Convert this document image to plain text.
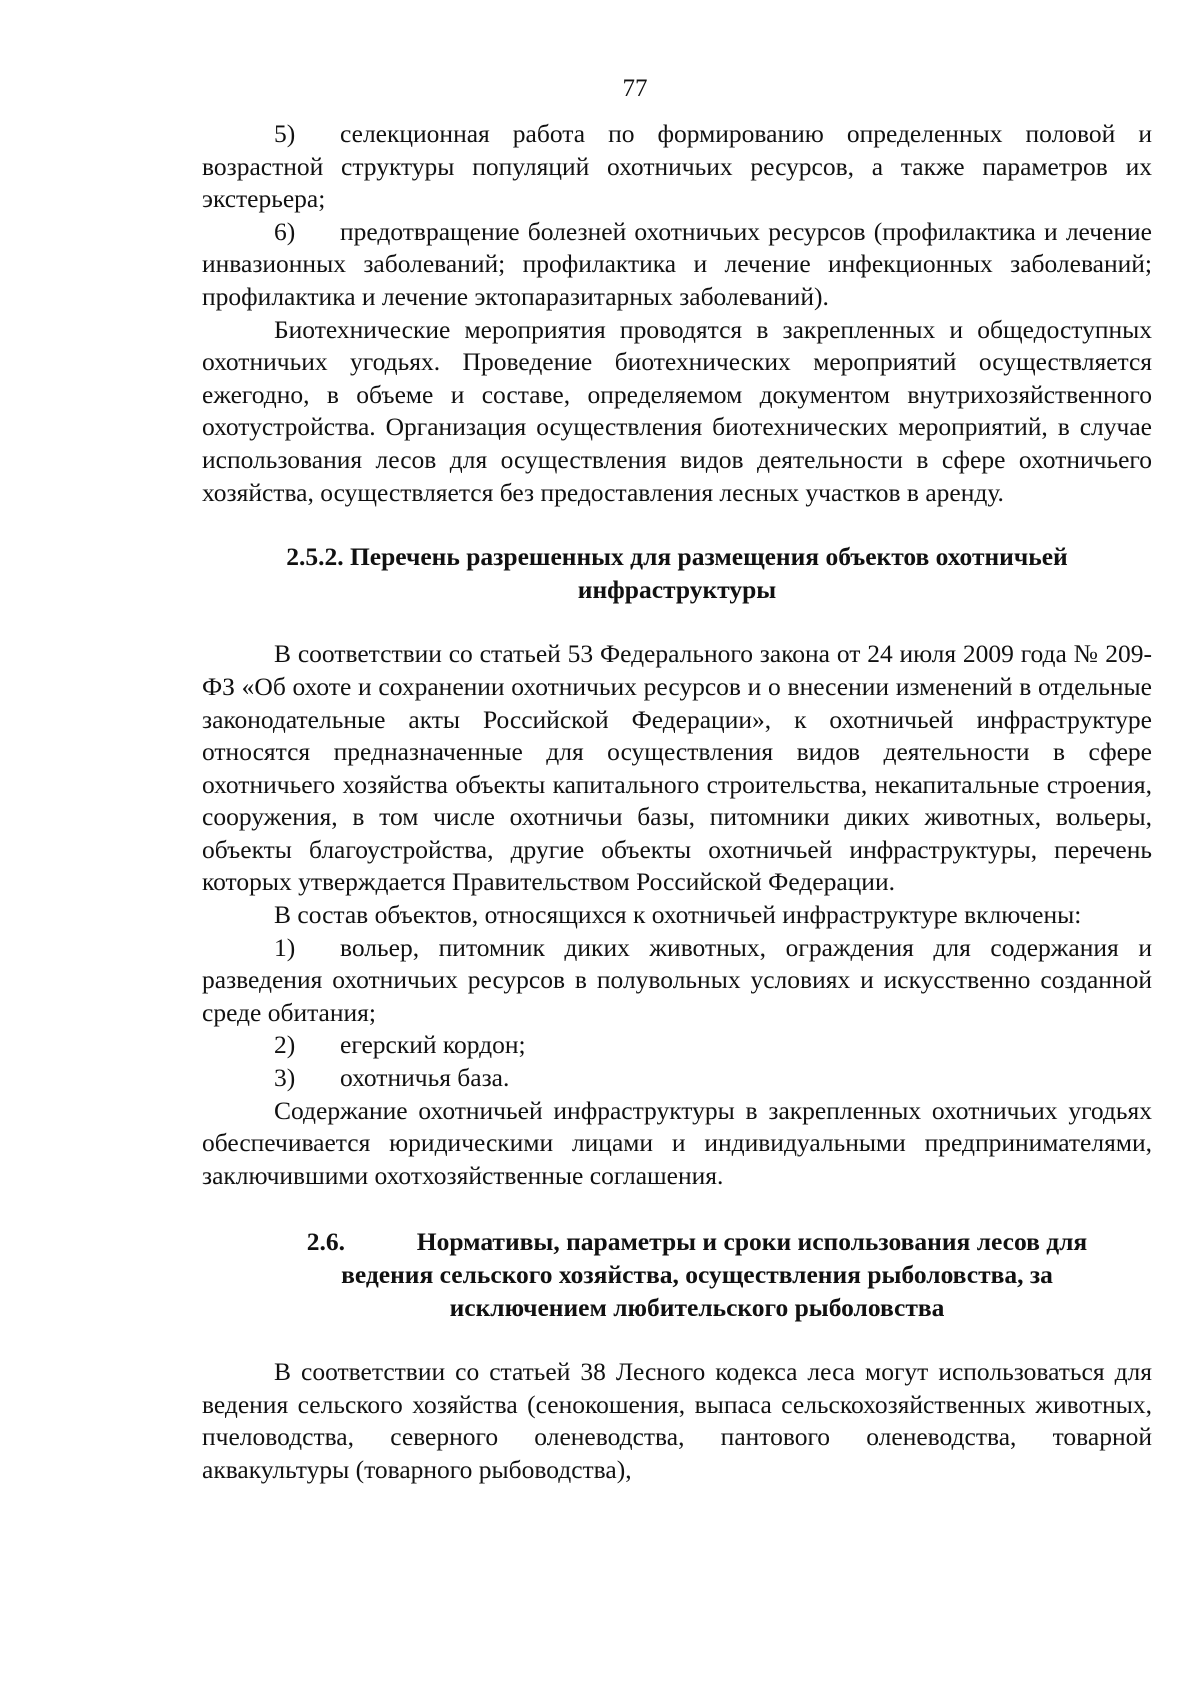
77

5) селекционная работа по формированию определенных половой и возрастной структуры популяций охотничьих ресурсов, а также параметров их экстерьера;

6) предотвращение болезней охотничьих ресурсов (профилактика и лечение инвазионных заболеваний; профилактика и лечение инфекционных заболеваний; профилактика и лечение эктопаразитарных заболеваний).

Биотехнические мероприятия проводятся в закрепленных и общедоступных охотничьих угодьях. Проведение биотехнических мероприятий осуществляется ежегодно, в объеме и составе, определяемом документом внутрихозяйственного охотустройства. Организация осуществления биотехнических мероприятий, в случае использования лесов для осуществления видов деятельности в сфере охотничьего хозяйства, осуществляется без предоставления лесных участков в аренду.

2.5.2. Перечень разрешенных для размещения объектов охотничьей
инфраструктуры

В соответствии со статьей 53 Федерального закона от 24 июля 2009 года № 209-ФЗ «Об охоте и сохранении охотничьих ресурсов и о внесении изменений в отдельные законодательные акты Российской Федерации», к охотничьей инфраструктуре относятся предназначенные для осуществления видов деятельности в сфере охотничьего хозяйства объекты капитального строительства, некапитальные строения, сооружения, в том числе охотничьи базы, питомники диких животных, вольеры, объекты благоустройства, другие объекты охотничьей инфраструктуры, перечень которых утверждается Правительством Российской Федерации.

В состав объектов, относящихся к охотничьей инфраструктуре включены:

1) вольер, питомник диких животных, ограждения для содержания и разведения охотничьих ресурсов в полувольных условиях и искусственно созданной среде обитания;

2) егерский кордон;

3) охотничья база.

Содержание охотничьей инфраструктуры в закрепленных охотничьих угодьях обеспечивается юридическими лицами и индивидуальными предпринимателями, заключившими охотхозяйственные соглашения.

2.6.	Нормативы, параметры и сроки использования лесов для
ведения сельского хозяйства, осуществления рыболовства, за
исключением любительского рыболовства

В соответствии со статьей 38 Лесного кодекса леса могут использоваться для ведения сельского хозяйства (сенокошения, выпаса сельскохозяйственных животных, пчеловодства, северного оленеводства, пантового оленеводства, товарной аквакультуры (товарного рыбоводства),
